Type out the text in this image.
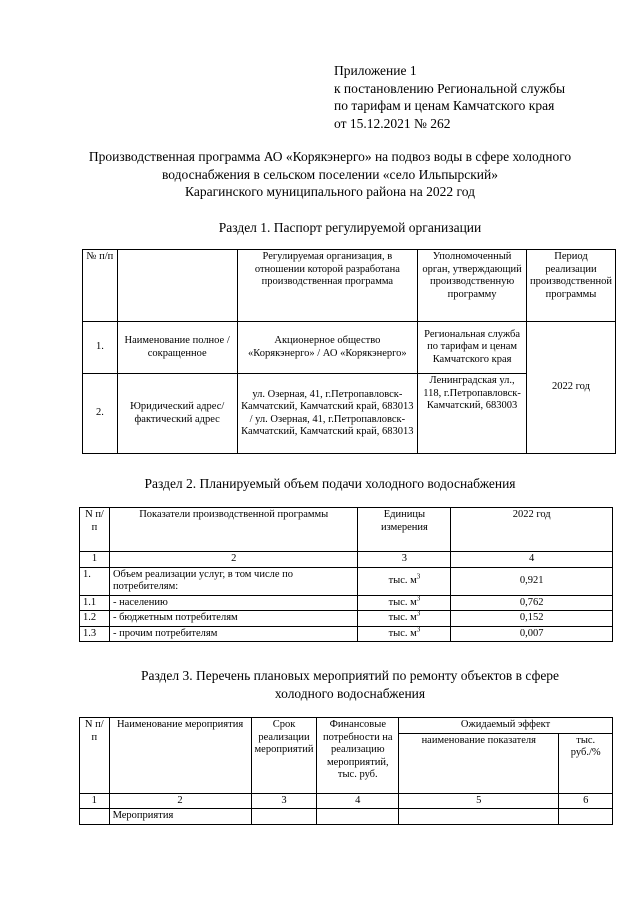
Приложение 1
к постановлению Региональной службы
по тарифам и ценам Камчатского края
от 15.12.2021 № 262
Производственная программа АО «Корякэнерго» на подвоз воды в сфере холодного
водоснабжения в сельском поселении «село Ильпырский»
Карагинского муниципального района на 2022 год
Раздел 1. Паспорт регулируемой организации
№ п/п		Регулируемая организация, в отношении которой разработана производственная программа	Уполномоченный орган, утверждающий производственную программу	Период реализации производственной программы
1.	Наименование полное / сокращенное	Акционерное общество «Корякэнерго» / АО «Корякэнерго»	Региональная служба по тарифам и ценам Камчатского края	2022 год
2.	Юридический адрес/фактический адрес	ул. Озерная, 41, г.Петропавловск-Камчатский, Камчатский край, 683013 / ул. Озерная, 41, г.Петропавловск-Камчатский, Камчатский край, 683013	Ленинградская ул., 118, г.Петропавловск-Камчатский, 683003	
Раздел 2. Планируемый объем подачи холодного водоснабжения
N п/п	Показатели производственной программы	Единицы измерения	2022 год
1	2	3	4
1.	Объем реализации услуг, в том числе по потребителям:	тыс. $м^3$	0,921
1.1	- населению	тыс. $м^3$	0,762
1.2	- бюджетным потребителям	тыс. $м^3$	0,152
1.3	- прочим потребителям	тыс. $м^3$	0,007
Раздел 3. Перечень плановых мероприятий по ремонту объектов в сфере
холодного водоснабжения
N п/п	Наименование мероприятия	Срок реализации мероприятий	Финансовые потребности на реализацию мероприятий, тыс. руб.	Ожидаемый эффект	
				наименование показателя	тыс. руб./%
1	2	3	4	5	6
	Мероприятия				
